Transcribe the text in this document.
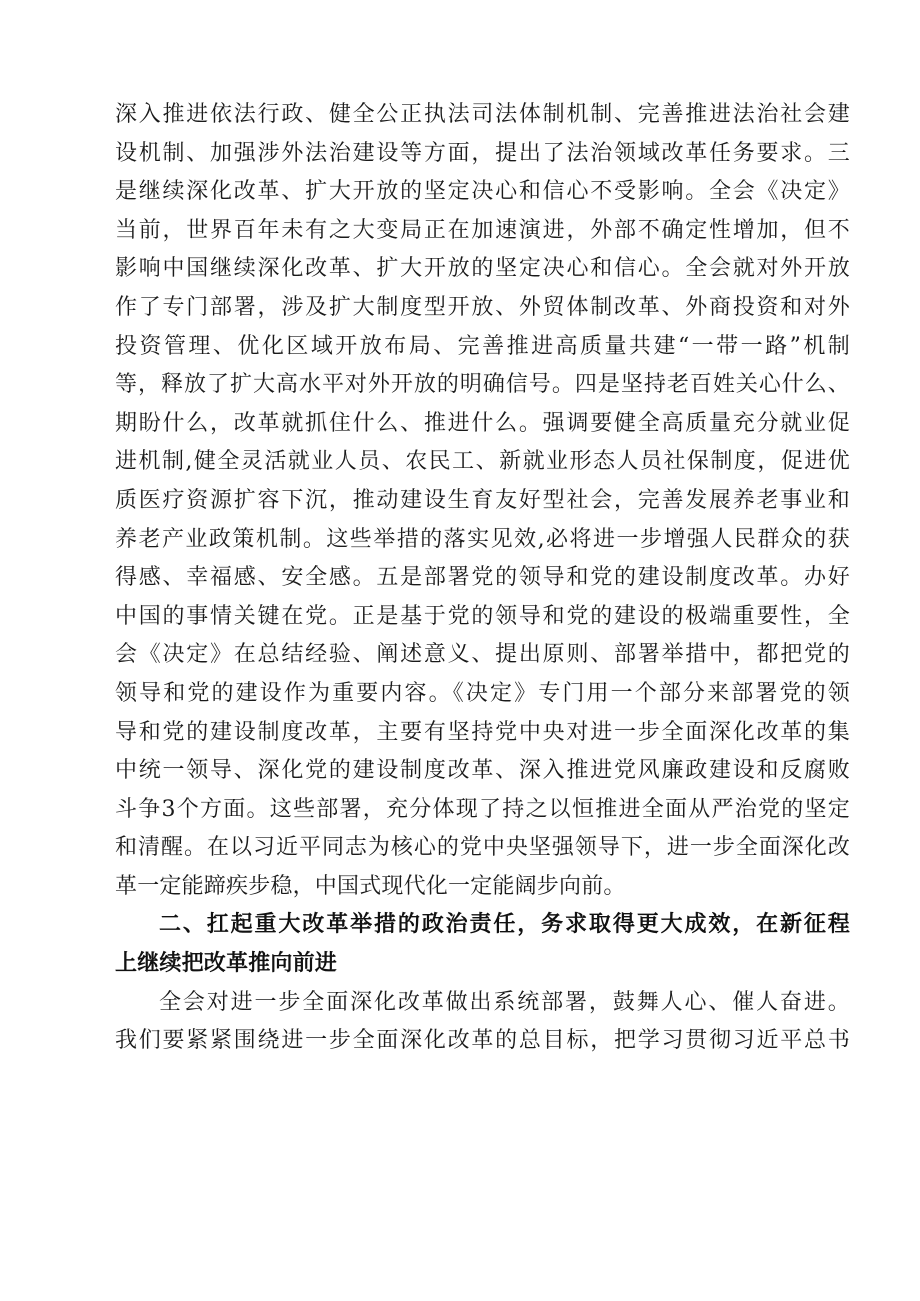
深入推进依法行政、健全公正执法司法体制机制、完善推进法治社会建
设机制、加强涉外法治建设等方面，提出了法治领域改革任务要求。三
是继续深化改革、扩大开放的坚定决心和信心不受影响。全会《决定》
当前，世界百年未有之大变局正在加速演进，外部不确定性增加，但不
影响中国继续深化改革、扩大开放的坚定决心和信心。全会就对外开放
作了专门部署，涉及扩大制度型开放、外贸体制改革、外商投资和对外
投资管理、优化区域开放布局、完善推进高质量共建“一带一路”机制
等，释放了扩大高水平对外开放的明确信号。四是坚持老百姓关心什么、
期盼什么，改革就抓住什么、推进什么。强调要健全高质量充分就业促
进机制,健全灵活就业人员、农民工、新就业形态人员社保制度，促进优
质医疗资源扩容下沉，推动建设生育友好型社会，完善发展养老事业和
养老产业政策机制。这些举措的落实见效,必将进一步增强人民群众的获
得感、幸福感、安全感。五是部署党的领导和党的建设制度改革。办好
中国的事情关键在党。正是基于党的领导和党的建设的极端重要性，全
会《决定》在总结经验、阐述意义、提出原则、部署举措中，都把党的
领导和党的建设作为重要内容。《决定》专门用一个部分来部署党的领
导和党的建设制度改革，主要有坚持党中央对进一步全面深化改革的集
中统一领导、深化党的建设制度改革、深入推进党风廉政建设和反腐败
斗争3个方面。这些部署，充分体现了持之以恒推进全面从严治党的坚定
和清醒。在以习近平同志为核心的党中央坚强领导下，进一步全面深化改
革一定能蹄疾步稳，中国式现代化一定能阔步向前。
二、扛起重大改革举措的政治责任，务求取得更大成效，在新征程
上继续把改革推向前进
全会对进一步全面深化改革做出系统部署，鼓舞人心、催人奋进。
我们要紧紧围绕进一步全面深化改革的总目标，把学习贯彻习近平总书
